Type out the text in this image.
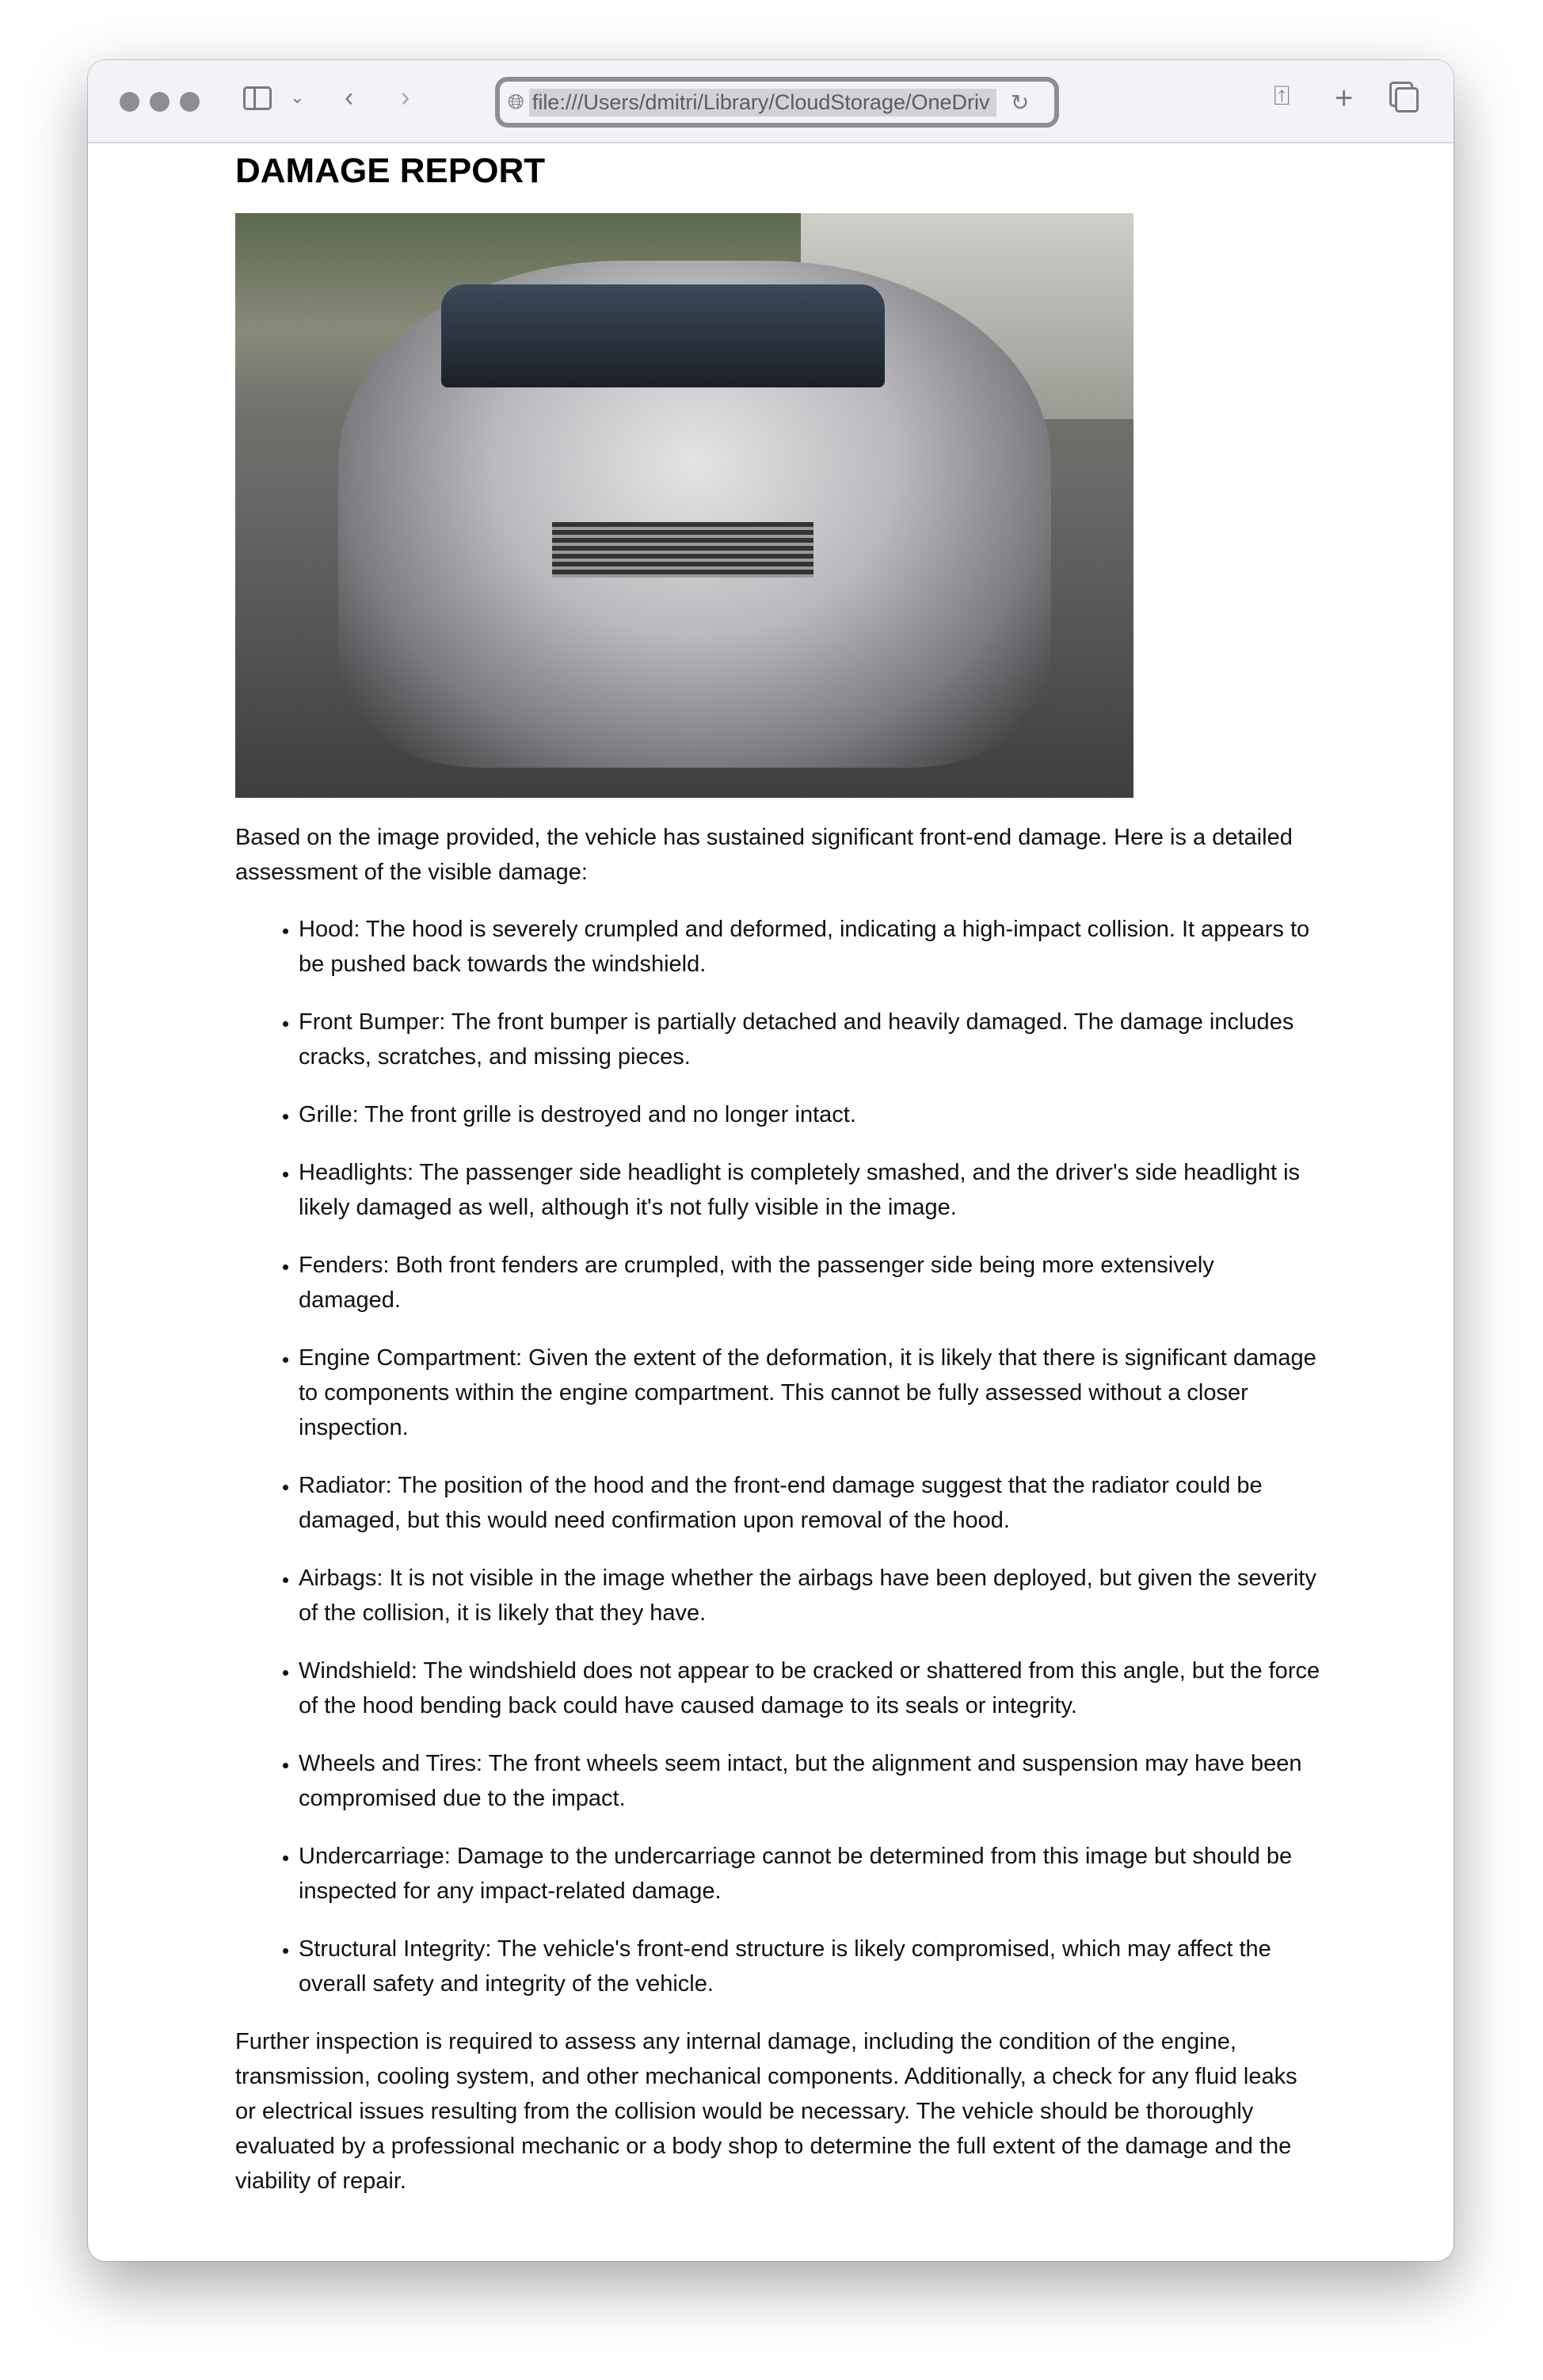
⌄ ‹ ›	🌐︎ file:///Users/dmitri/Library/CloudStorage/OneDriv ↻	⍐ +
DAMAGE REPORT

Based on the image provided, the vehicle has sustained significant front-end damage. Here is a detailed assessment of the visible damage:

• Hood: The hood is severely crumpled and deformed, indicating a high-impact collision. It appears to be pushed back towards the windshield.
• Front Bumper: The front bumper is partially detached and heavily damaged. The damage includes cracks, scratches, and missing pieces.
• Grille: The front grille is destroyed and no longer intact.
• Headlights: The passenger side headlight is completely smashed, and the driver's side headlight is likely damaged as well, although it's not fully visible in the image.
• Fenders: Both front fenders are crumpled, with the passenger side being more extensively damaged.
• Engine Compartment: Given the extent of the deformation, it is likely that there is significant damage to components within the engine compartment. This cannot be fully assessed without a closer inspection.
• Radiator: The position of the hood and the front-end damage suggest that the radiator could be damaged, but this would need confirmation upon removal of the hood.
• Airbags: It is not visible in the image whether the airbags have been deployed, but given the severity of the collision, it is likely that they have.
• Windshield: The windshield does not appear to be cracked or shattered from this angle, but the force of the hood bending back could have caused damage to its seals or integrity.
• Wheels and Tires: The front wheels seem intact, but the alignment and suspension may have been compromised due to the impact.
• Undercarriage: Damage to the undercarriage cannot be determined from this image but should be inspected for any impact-related damage.
• Structural Integrity: The vehicle's front-end structure is likely compromised, which may affect the overall safety and integrity of the vehicle.

Further inspection is required to assess any internal damage, including the condition of the engine, transmission, cooling system, and other mechanical components. Additionally, a check for any fluid leaks or electrical issues resulting from the collision would be necessary. The vehicle should be thoroughly evaluated by a professional mechanic or a body shop to determine the full extent of the damage and the viability of repair.
